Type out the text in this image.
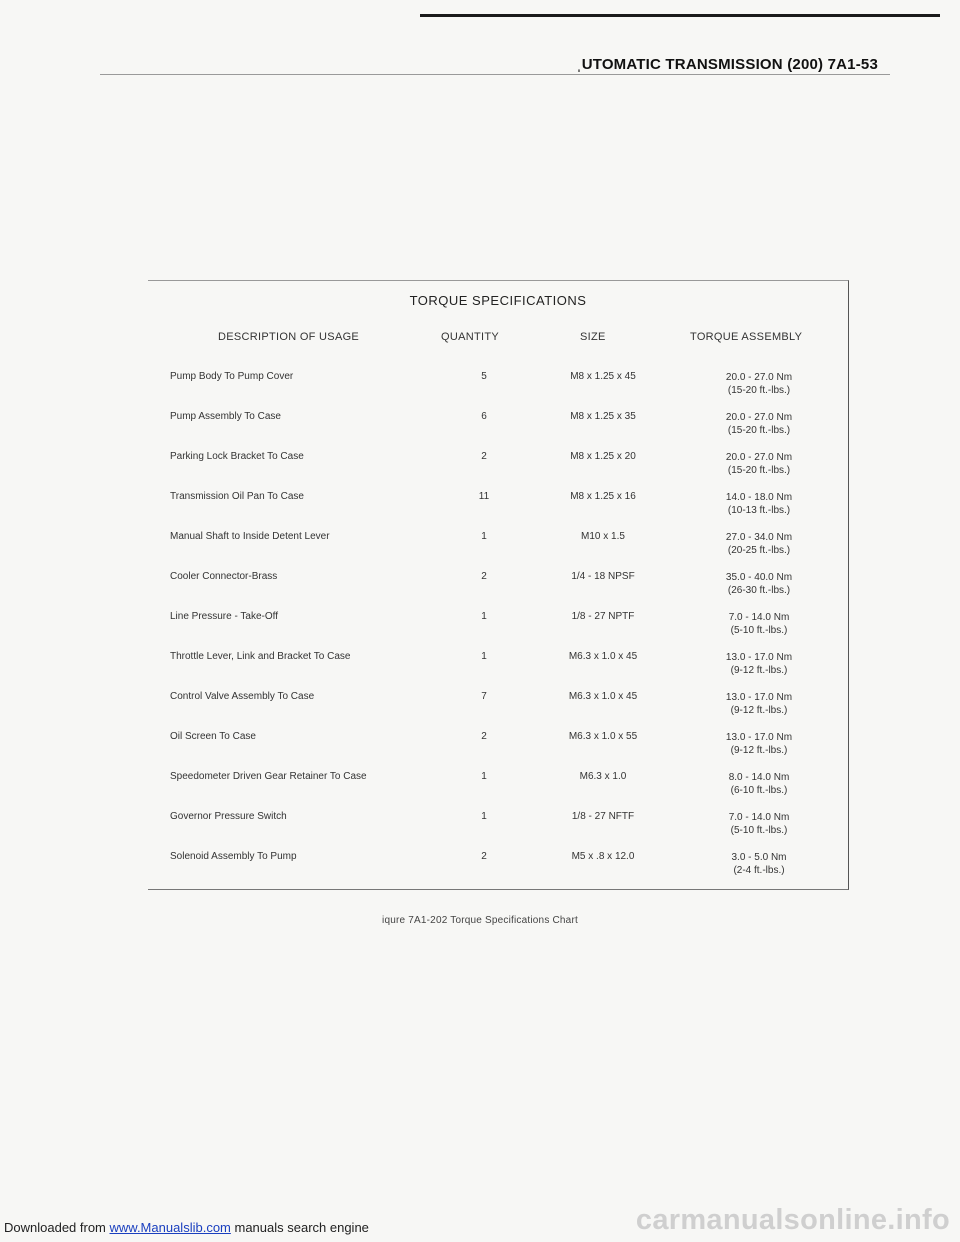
ˌUTOMATIC TRANSMISSION (200) 7A1-53
TORQUE SPECIFICATIONS
DESCRIPTION OF USAGE	QUANTITY	SIZE	TORQUE ASSEMBLY
Pump Body To Pump Cover	5	M8 x 1.25 x 45	20.0 - 27.0 Nm
(15-20 ft.-lbs.)
Pump Assembly To Case	6	M8 x 1.25 x 35	20.0 - 27.0 Nm
(15-20 ft.-lbs.)
Parking Lock Bracket To Case	2	M8 x 1.25 x 20	20.0 - 27.0 Nm
(15-20 ft.-lbs.)
Transmission Oil Pan To Case	11	M8 x 1.25 x 16	14.0 - 18.0 Nm
(10-13 ft.-lbs.)
Manual Shaft to Inside Detent Lever	1	M10 x 1.5	27.0 - 34.0 Nm
(20-25 ft.-lbs.)
Cooler Connector-Brass	2	1/4 - 18 NPSF	35.0 - 40.0 Nm
(26-30 ft.-lbs.)
Line Pressure - Take-Off	1	1/8 - 27 NPTF	7.0 - 14.0 Nm
(5-10 ft.-lbs.)
Throttle Lever, Link and Bracket To Case	1	M6.3 x 1.0 x 45	13.0 - 17.0 Nm
(9-12 ft.-lbs.)
Control Valve Assembly To Case	7	M6.3 x 1.0 x 45	13.0 - 17.0 Nm
(9-12 ft.-lbs.)
Oil Screen To Case	2	M6.3 x 1.0 x 55	13.0 - 17.0 Nm
(9-12 ft.-lbs.)
Speedometer Driven Gear Retainer To Case	1	M6.3 x 1.0	8.0 - 14.0 Nm
(6-10 ft.-lbs.)
Governor Pressure Switch	1	1/8 - 27 NFTF	7.0 - 14.0 Nm
(5-10 ft.-lbs.)
Solenoid Assembly To Pump	2	M5 x .8 x 12.0	3.0 - 5.0 Nm
(2-4 ft.-lbs.)
iqure 7A1-202 Torque Specifications Chart
Downloaded from www.Manualslib.com manuals search engine	carmanualsonline.info
